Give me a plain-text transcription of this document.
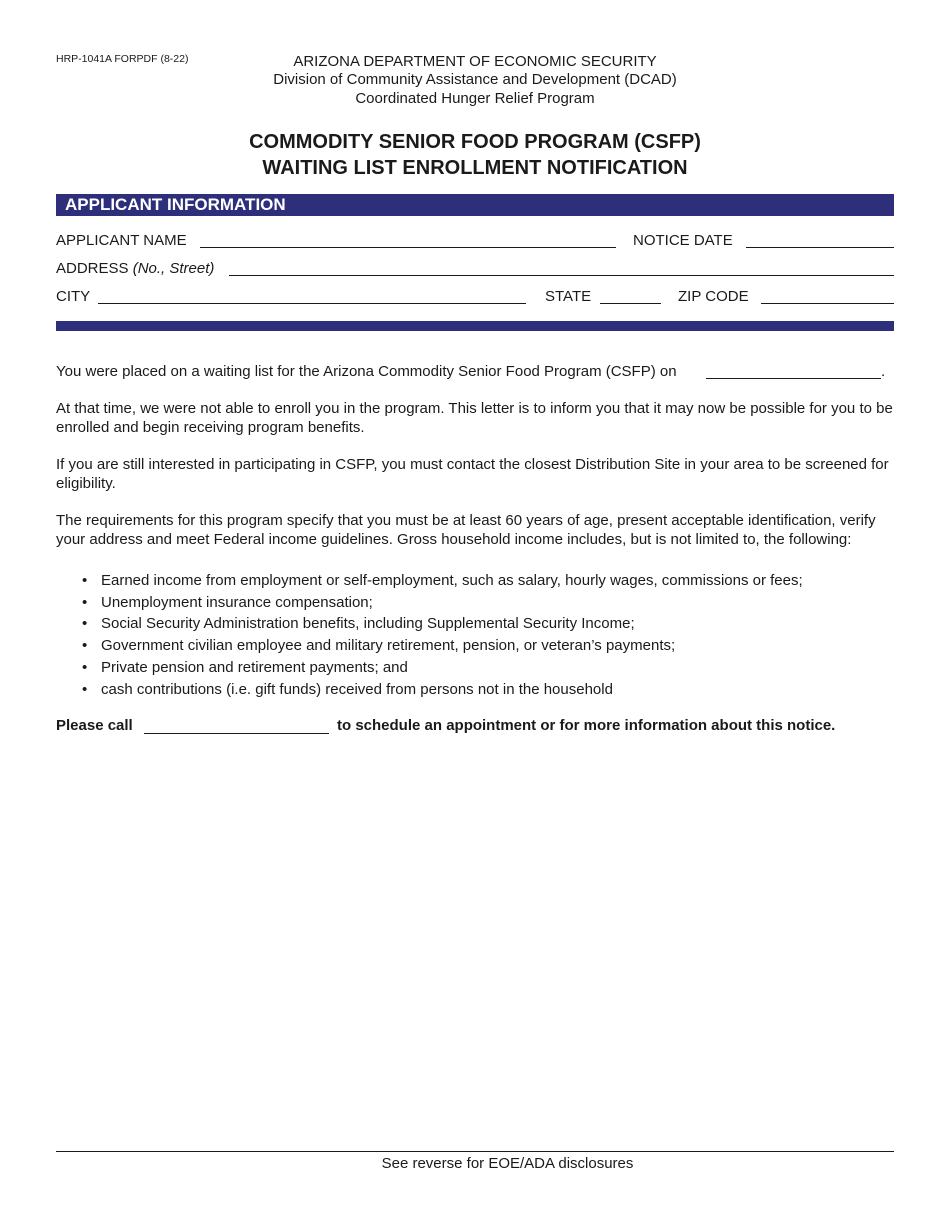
HRP-1041A FORPDF (8-22)	ARIZONA DEPARTMENT OF ECONOMIC SECURITY
Division of Community Assistance and Development (DCAD)
Coordinated Hunger Relief Program
COMMODITY SENIOR FOOD PROGRAM (CSFP)
WAITING LIST ENROLLMENT NOTIFICATION
APPLICANT INFORMATION
APPLICANT NAME	NOTICE DATE
ADDRESS (No., Street)
CITY	STATE	ZIP CODE
You were placed on a waiting list for the Arizona Commodity Senior Food Program (CSFP) on	.
At that time, we were not able to enroll you in the program. This letter is to inform you that it may now be possible for you to be enrolled and begin receiving program benefits.
If you are still interested in participating in CSFP, you must contact the closest Distribution Site in your area to be screened for eligibility.
The requirements for this program specify that you must be at least 60 years of age, present acceptable identification, verify your address and meet Federal income guidelines. Gross household income includes, but is not limited to, the following:
• Earned income from employment or self-employment, such as salary, hourly wages, commissions or fees;
• Unemployment insurance compensation;
• Social Security Administration benefits, including Supplemental Security Income;
• Government civilian employee and military retirement, pension, or veteran’s payments;
• Private pension and retirement payments; and
• cash contributions (i.e. gift funds) received from persons not in the household
Please call	to schedule an appointment or for more information about this notice.
See reverse for EOE/ADA disclosures
